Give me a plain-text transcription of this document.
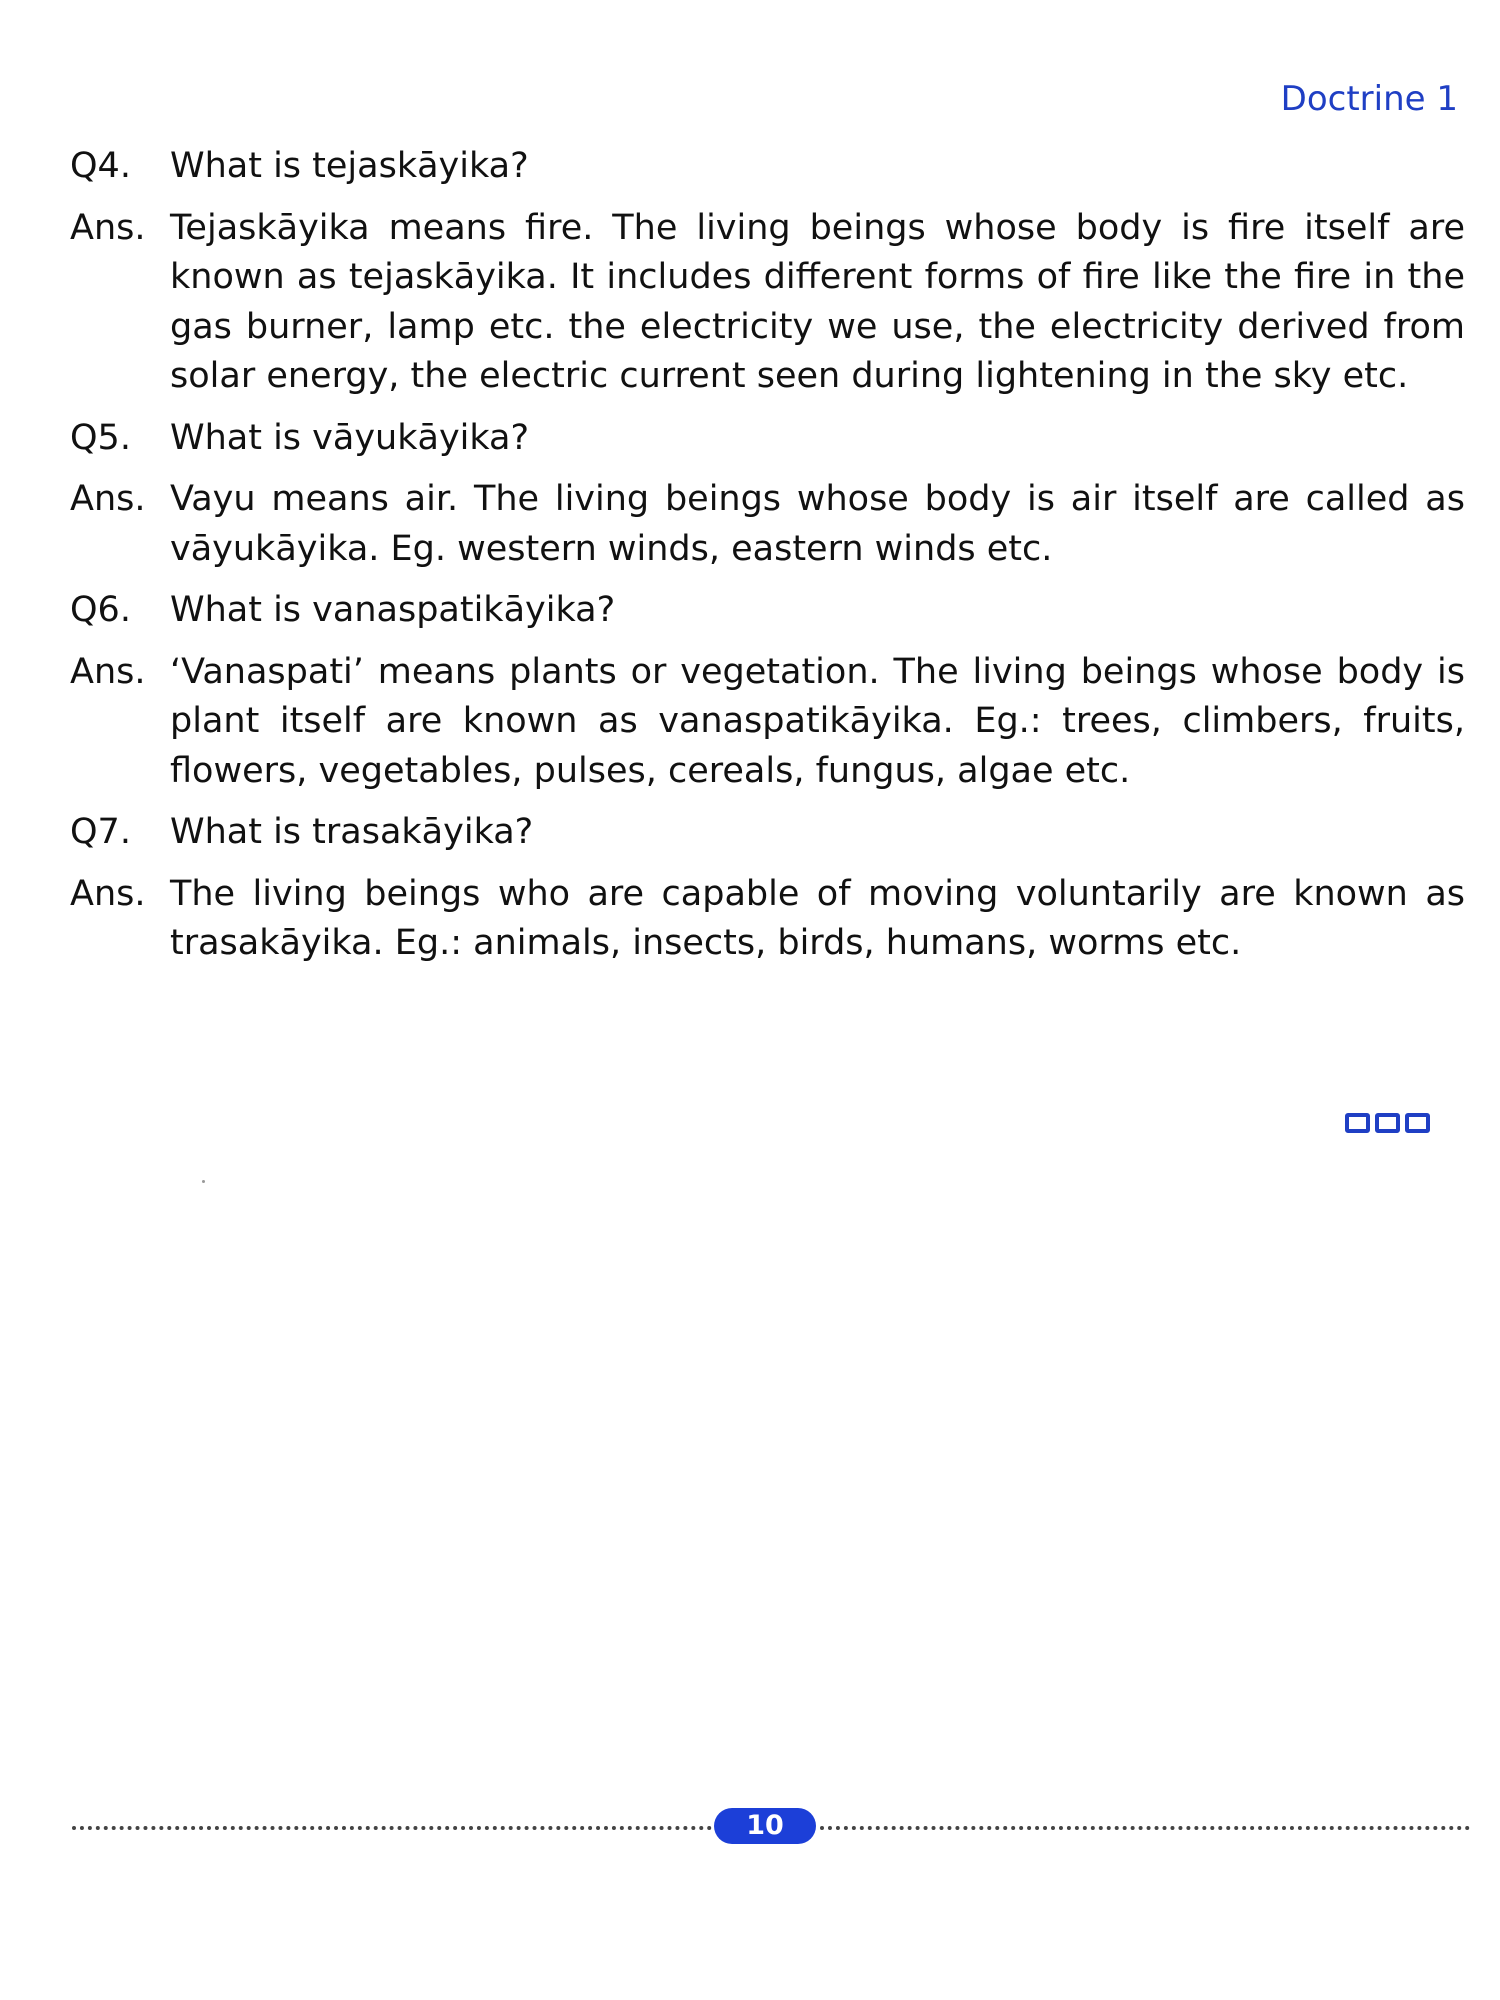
Doctrine 1
Q4.	What is tejaskāyika?
Ans. Tejaskāyika means fire. The living beings whose body is fire itself are known as tejaskāyika. It includes different forms of fire like the fire in the gas burner, lamp etc. the electricity we use, the electricity derived from solar energy, the electric current seen during lightening in the sky etc.
Q5.	What is vāyukāyika?
Ans. Vayu means air. The living beings whose body is air itself are called as vāyukāyika. Eg. western winds, eastern winds etc.
Q6.	What is vanaspatikāyika?
Ans. ‘Vanaspati’ means plants or vegetation. The living beings whose body is plant itself are known as vanaspatikāyika. Eg.: trees, climbers, fruits, flowers, vegetables, pulses, cereals, fungus, algae etc.
Q7.	What is trasakāyika?
Ans. The living beings who are capable of moving voluntarily are known as trasakāyika. Eg.: animals, insects, birds, humans, worms etc.
10
